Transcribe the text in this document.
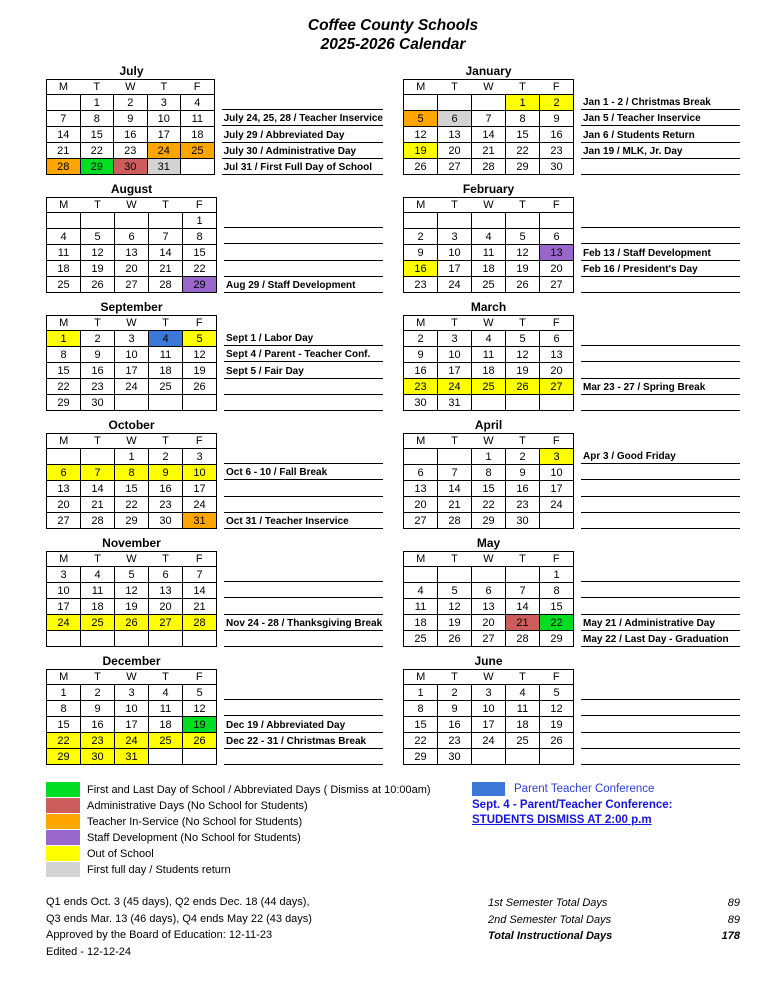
Coffee County Schools
2025-2026 Calendar
July
M	T	W	T	F
	1	2	3	4
7	8	9	10	11
14	15	16	17	18
21	22	23	24	25
28	29	30	31	
July 24, 25, 28 / Teacher Inservice
July 29 / Abbreviated Day
July 30 / Administrative Day
Jul 31 / First Full Day of School
August
M	T	W	T	F
				1
4	5	6	7	8
11	12	13	14	15
18	19	20	21	22
25	26	27	28	29 Aug 29 / Staff Development
September
M	T	W	T	F
1	2	3	4	5
8	9	10	11	12
15	16	17	18	19
22	23	24	25	26
29	30			
Sept 1 / Labor Day
Sept 4 / Parent - Teacher Conf.
Sept 5 / Fair Day
October
M	T	W	T	F
		1	2	3
6	7	8	9	10
13	14	15	16	17
20	21	22	23	24
27	28	29	30	31
Oct 6 - 10 / Fall Break
Oct 31 / Teacher Inservice
November
M	T	W	T	F
3	4	5	6	7
10	11	12	13	14
17	18	19	20	21
24	25	26	27	28
				Nov 24 - 28 / Thanksgiving Break
December
M	T	W	T	F
1	2	3	4	5
8	9	10	11	12
15	16	17	18	19
22	23	24	25	26
29	30	31		
Dec 19 / Abbreviated Day
Dec 22 - 31 / Christmas Break
January
M	T	W	T	F
			1	2
5	6	7	8	9
12	13	14	15	16
19	20	21	22	23
26	27	28	29	30
Jan 1 - 2 / Christmas Break
Jan 5 / Teacher Inservice
Jan 6 / Students Return
Jan 19 / MLK, Jr. Day
February
M	T	W	T	F

2	3	4	5	6
9	10	11	12	13
16	17	18	19	20
23	24	25	26	27
Feb 13 / Staff Development
Feb 16 / President's Day
March
M	T	W	T	F
2	3	4	5	6
9	10	11	12	13
16	17	18	19	20
23	24	25	26	27
30	31			
Mar 23 - 27 / Spring Break
April
M	T	W	T	F
		1	2	3
6	7	8	9	10
13	14	15	16	17
20	21	22	23	24
27	28	29	30	
Apr 3 / Good Friday
May
M	T	W	T	F
				1
4	5	6	7	8
11	12	13	14	15
18	19	20	21	22
25	26	27	28	29
May 21 / Administrative Day
May 22 / Last Day - Graduation
June
M	T	W	T	F
1	2	3	4	5
8	9	10	11	12
15	16	17	18	19
22	23	24	25	26
29	30			
First and Last Day of School / Abbreviated Days ( Dismiss at 10:00am)
Administrative Days (No School for Students)
Teacher In-Service (No School for Students)
Staff Development (No School for Students)
Out of School
First full day / Students return
Parent Teacher Conference
Sept. 4 - Parent/Teacher Conference:
STUDENTS DISMISS AT 2:00 p.m
Q1 ends Oct. 3 (45 days), Q2 ends Dec. 18 (44 days),
Q3 ends Mar. 13 (46 days), Q4 ends May 22 (43 days)
Approved by the Board of Education: 12-11-23
Edited - 12-12-24
1st Semester Total Days	89
2nd Semester Total Days	89
Total Instructional Days	178
